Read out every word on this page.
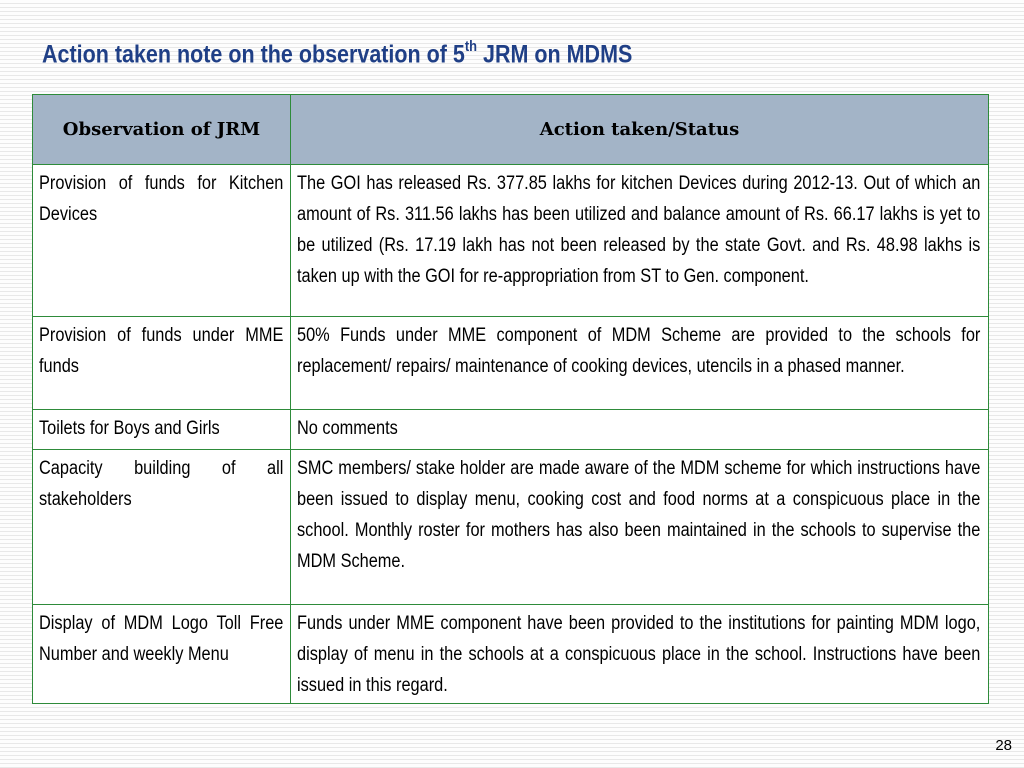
Action taken note on the observation of 5th JRM on MDMS
Observation of JRM	Action taken/Status

Provision of funds for Kitchen Devices	The GOI has released Rs. 377.85 lakhs for kitchen Devices during 2012-13. Out of which an amount of Rs. 311.56 lakhs has been utilized and balance amount of Rs. 66.17 lakhs is yet to be utilized (Rs. 17.19 lakh has not been released by the state Govt. and Rs. 48.98 lakhs is taken up with the GOI for re-appropriation from ST to Gen. component.

Provision of funds under MME funds	50% Funds under MME component of MDM Scheme are provided to the schools for replacement/ repairs/ maintenance of cooking devices, utencils in a phased manner.

Toilets for Boys and Girls	No comments

Capacity building of all stakeholders	SMC members/ stake holder are made aware of the MDM scheme for which instructions have been issued to display menu, cooking cost and food norms at a conspicuous place in the school. Monthly roster for mothers has also been maintained in the schools to supervise the MDM Scheme.

Display of MDM Logo Toll Free Number and weekly Menu	Funds under MME component have been provided to the institutions for painting MDM logo, display of menu in the schools at a conspicuous place in the school. Instructions have been issued in this regard.
28
